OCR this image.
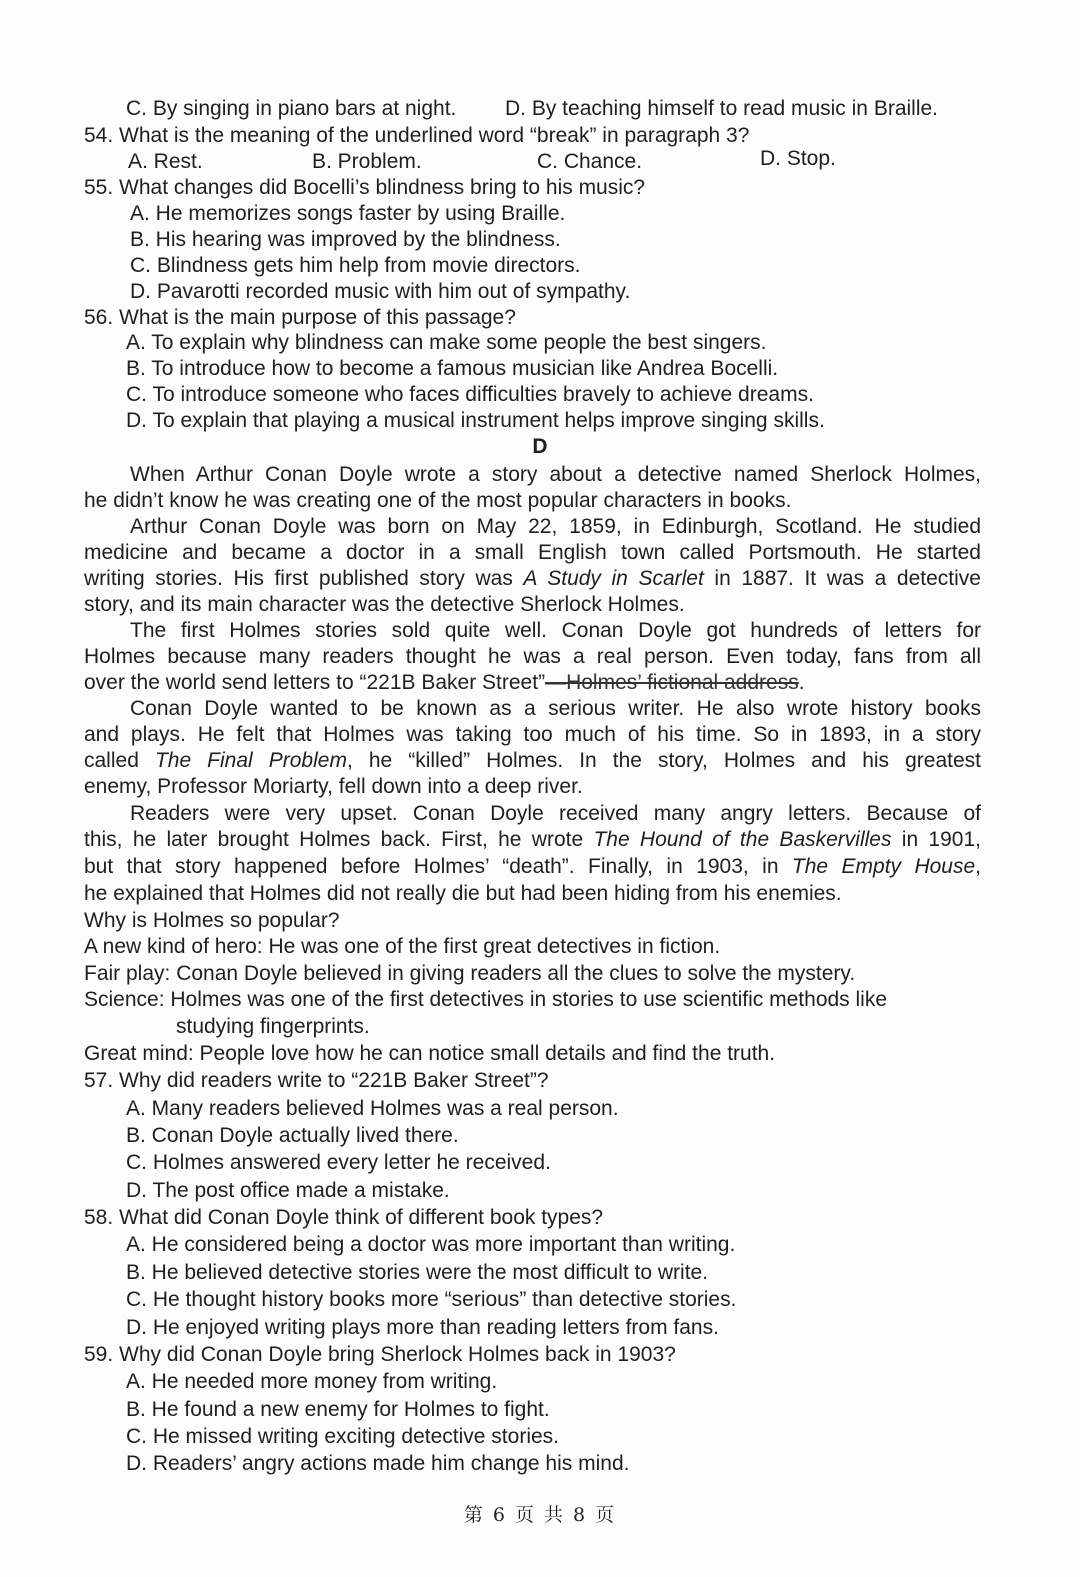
C. By singing in piano bars at night. D. By teaching himself to read music in Braille.
54. What is the meaning of the underlined word “break” in paragraph 3?
A. Rest.	B. Problem.	C. Chance.	D. Stop.
55. What changes did Bocelli’s blindness bring to his music?
A. He memorizes songs faster by using Braille.
B. His hearing was improved by the blindness.
C. Blindness gets him help from movie directors.
D. Pavarotti recorded music with him out of sympathy.
56. What is the main purpose of this passage?
A. To explain why blindness can make some people the best singers.
B. To introduce how to become a famous musician like Andrea Bocelli.
C. To introduce someone who faces difficulties bravely to achieve dreams.
D. To explain that playing a musical instrument helps improve singing skills.
D
When Arthur Conan Doyle wrote a story about a detective named Sherlock Holmes,
he didn’t know he was creating one of the most popular characters in books.
Arthur Conan Doyle was born on May 22, 1859, in Edinburgh, Scotland. He studied
medicine and became a doctor in a small English town called Portsmouth. He started
writing stories. His first published story was A Study in Scarlet in 1887. It was a detective
story, and its main character was the detective Sherlock Holmes.
The first Holmes stories sold quite well. Conan Doyle got hundreds of letters for
Holmes because many readers thought he was a real person. Even today, fans from all
over the world send letters to “221B Baker Street”—Holmes’ fictional address.
Conan Doyle wanted to be known as a serious writer. He also wrote history books
and plays. He felt that Holmes was taking too much of his time. So in 1893, in a story
called The Final Problem, he “killed” Holmes. In the story, Holmes and his greatest
enemy, Professor Moriarty, fell down into a deep river.
Readers were very upset. Conan Doyle received many angry letters. Because of
this, he later brought Holmes back. First, he wrote The Hound of the Baskervilles in 1901,
but that story happened before Holmes’ “death”. Finally, in 1903, in The Empty House,
he explained that Holmes did not really die but had been hiding from his enemies.
Why is Holmes so popular?
A new kind of hero: He was one of the first great detectives in fiction.
Fair play: Conan Doyle believed in giving readers all the clues to solve the mystery.
Science: Holmes was one of the first detectives in stories to use scientific methods like
studying fingerprints.
Great mind: People love how he can notice small details and find the truth.
57. Why did readers write to “221B Baker Street”?
A. Many readers believed Holmes was a real person.
B. Conan Doyle actually lived there.
C. Holmes answered every letter he received.
D. The post office made a mistake.
58. What did Conan Doyle think of different book types?
A. He considered being a doctor was more important than writing.
B. He believed detective stories were the most difficult to write.
C. He thought history books more “serious” than detective stories.
D. He enjoyed writing plays more than reading letters from fans.
59. Why did Conan Doyle bring Sherlock Holmes back in 1903?
A. He needed more money from writing.
B. He found a new enemy for Holmes to fight.
C. He missed writing exciting detective stories.
D. Readers’ angry actions made him change his mind.
第 6 页 共 8 页
